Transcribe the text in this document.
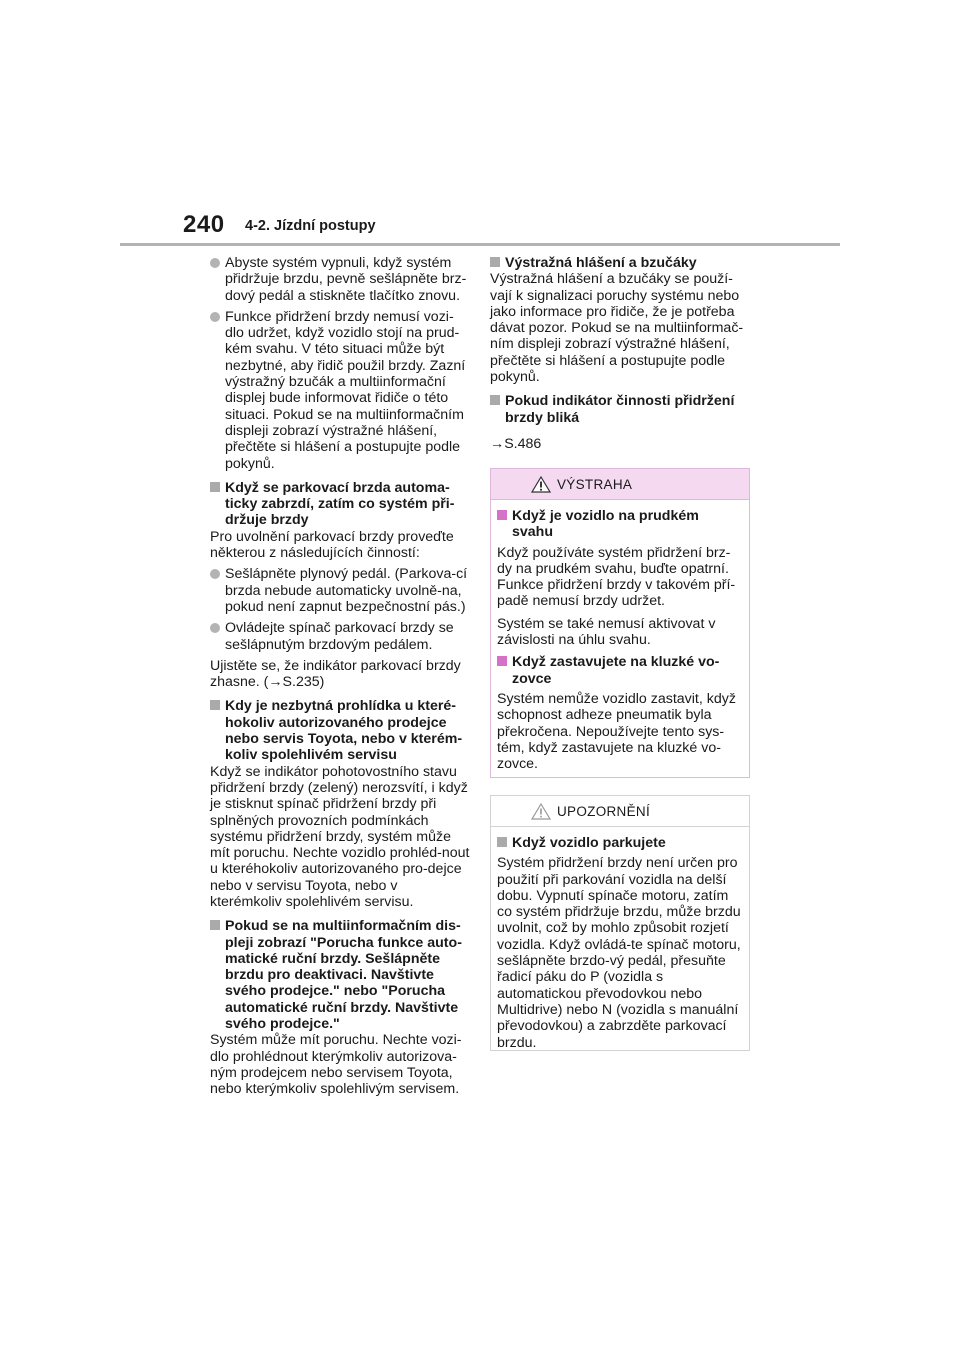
240 4-2. Jízdní postupy
Abyste systém vypnuli, když systém přidržuje brzdu, pevně sešlápněte brz-dový pedál a stiskněte tlačítko znovu.
Funkce přidržení brzdy nemusí vozi-dlo udržet, když vozidlo stojí na prud-kém svahu. V této situaci může být nezbytné, aby řidič použil brzdy. Zazní výstražný bzučák a multiinformační displej bude informovat řidiče o této situaci. Pokud se na multiinformačním displeji zobrazí výstražné hlášení, přečtěte si hlášení a postupujte podle pokynů.
Když se parkovací brzda automa-ticky zabrzdí, zatím co systém při-držuje brzdy
Pro uvolnění parkovací brzdy proveďte některou z následujících činností:
Sešlápněte plynový pedál. (Parkova-cí brzda nebude automaticky uvolně-na, pokud není zapnut bezpečnostní pás.)
Ovládejte spínač parkovací brzdy se sešlápnutým brzdovým pedálem.
Ujistěte se, že indikátor parkovací brzdy zhasne. (→S.235)
Kdy je nezbytná prohlídka u které-hokoliv autorizovaného prodejce nebo servis Toyota, nebo v kterém-koliv spolehlivém servisu
Když se indikátor pohotovostního stavu přidržení brzdy (zelený) nerozsvítí, i když je stisknut spínač přidržení brzdy při splněných provozních podmínkách systému přidržení brzdy, systém může mít poruchu. Nechte vozidlo prohléd-nout u kteréhokoliv autorizovaného pro-dejce nebo v servisu Toyota, nebo v kterémkoliv spolehlivém servisu.
Pokud se na multiinformačním dis-pleji zobrazí "Porucha funkce auto-matické ruční brzdy. Sešlápněte brzdu pro deaktivaci. Navštivte svého prodejce." nebo "Porucha automatické ruční brzdy. Navštivte svého prodejce."
Systém může mít poruchu. Nechte vozi-dlo prohlédnout kterýmkoliv autorizova-ným prodejcem nebo servisem Toyota, nebo kterýmkoliv spolehlivým servisem.
Výstražná hlášení a bzučáky
Výstražná hlášení a bzučáky se použí-vají k signalizaci poruchy systému nebo jako informace pro řidiče, že je potřeba dávat pozor. Pokud se na multiinformač-ním displeji zobrazí výstražné hlášení, přečtěte si hlášení a postupujte podle pokynů.
Pokud indikátor činnosti přidržení brzdy bliká
→S.486
VÝSTRAHA
Když je vozidlo na prudkém svahu
Když používáte systém přidržení brz-dy na prudkém svahu, buďte opatrní. Funkce přidržení brzdy v takovém pří-padě nemusí brzdy udržet.
Systém se také nemusí aktivovat v závislosti na úhlu svahu.
Když zastavujete na kluzké vo-zovce
Systém nemůže vozidlo zastavit, když schopnost adheze pneumatik byla překročena. Nepoužívejte tento sys-tém, když zastavujete na kluzké vo-zovce.
UPOZORNĚNÍ
Když vozidlo parkujete
Systém přidržení brzdy není určen pro použití při parkování vozidla na delší dobu. Vypnutí spínače motoru, zatím co systém přidržuje brzdu, může brzdu uvolnit, což by mohlo způsobit rozjetí vozidla. Když ovládá-te spínač motoru, sešlápněte brzdo-vý pedál, přesuňte řadicí páku do P (vozidla s automatickou převodovkou nebo Multidrive) nebo N (vozidla s manuální převodovkou) a zabrzděte parkovací brzdu.
